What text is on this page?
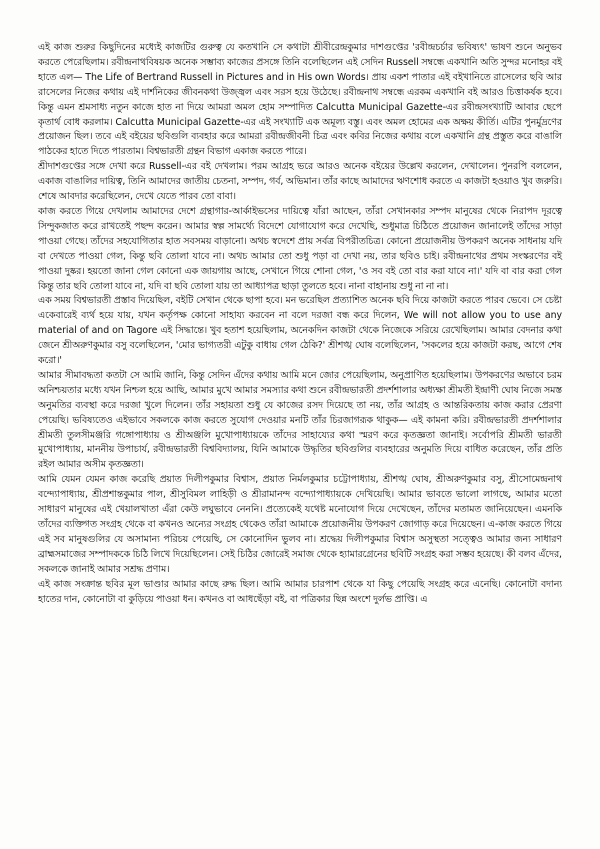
এই কাজ শুরুর কিছুদিনের মধ্যেই কাজটির গুরুত্ব যে কতখানি সে কথাটা শ্রীবীরেন্দ্রকুমার দাশগুপ্তের 'রবীন্দ্রচর্চার ভবিষ্যৎ' ভাষণ শুনে অনুভব করতে পেরেছিলাম। রবীন্দ্রনাথবিষয়ক অনেক সম্ভাব্য কাজের প্রসঙ্গে তিনি বলেছিলেন এই সেদিন Russell সম্বন্ধে একখানি অতি সুন্দর মনোহর বই হাতে এল— The Life of Bertrand Russell in Pictures and in His own Words। প্রায় একশ পাতার এই বইখানিতে রাসেলের ছবি আর রাসেলের নিজের কথায় এই দার্শনিকের জীবনকথা উজ্জ্বল এবং সরস হয়ে উঠেছে। রবীন্দ্রনাথ সম্বন্ধে এরকম একখানি বই আরও চিত্তাকর্ষক হবে। কিন্তু এমন শ্রমসাধ্য নতুন কাজে হাত না দিয়ে আমরা অমল হোম সম্পাদিত Calcutta Municipal Gazette-এর রবীন্দ্রসংখ্যাটি আবার ছেপে কৃতার্থ বোধ করলাম। Calcutta Municipal Gazette-এর এই সংখ্যাটি এক অমূল্য বস্তু। এবং অমল হোমের এক অক্ষয় কীর্তি। এটির পুনর্মুদ্রণের প্রয়োজন ছিল। তবে এই বইয়ের ছবিগুলি ব্যবহার করে আমরা রবীন্দ্রজীবনী চিত্র এবং কবির নিজের কথায় বলে একখানি গ্রন্থ প্রস্তুত করে বাঙালি পাঠকের হাতে দিতে পারতাম। বিশ্বভারতী গ্রন্থন বিভাগ একাজ করতে পারে।

শ্রীদাশগুপ্তের সঙ্গে দেখা করে Russell-এর বই দেখলাম। পরম আগ্রহ ভরে আরও অনেক বইয়ের উল্লেখ করলেন, দেখালেন। পুনরপি বললেন, একাজ বাঙালির দায়িত্ব, তিনি আমাদের জাতীয় চেতনা, সম্পদ, গর্ব, অভিমান। তাঁর কাছে আমাদের ঋণশোধ করতে এ কাজটা হওয়াও খুব জরুরি। শেষে আবদার করেছিলেন, দেখে যেতে পারব তো বাবা।

কাজ করতে গিয়ে দেখলাম আমাদের দেশে গ্রন্থাগার-আর্কাইভসের দায়িত্বে যাঁরা আছেন, তাঁরা সেখানকার সম্পদ মানুষের থেকে নিরাপদ দূরত্বে সিন্দুকজাত করে রাখতেই পছন্দ করেন। আমার স্বল্প সামর্থ্যে বিদেশে যোগাযোগ করে দেখেছি, শুধুমাত্র চিঠিতে প্রয়োজন জানালেই তাঁদের সাড়া পাওয়া গেছে। তাঁদের সহযোগিতার হাত সবসময় বাড়ানো। অথচ স্বদেশে প্রায় সর্বত্র বিপরীতচিত্র। কোনো প্রয়োজনীয় উপকরণ অনেক সাধনায় যদি বা দেখতে পাওয়া গেল, কিন্তু ছবি তোলা যাবে না। অথচ আমার তো শুধু পড়া বা দেখা নয়, তার ছবিও চাই। রবীন্দ্রনাথের প্রথম সংস্করণের বই পাওয়া দুষ্কর। হয়তো জানা গেল কোনো এক জায়গায় আছে, সেখানে গিয়ে শোনা গেল, 'ও সব বই তো বার করা যাবে না।' যদি বা বার করা গেল কিন্তু তার ছবি তোলা যাবে না, যদি বা ছবি তোলা যায় তা আধ্যাপত্র ছাড়া তুলতে হবে। নানা বাহানায় শুধু না না না।

এক সময় বিশ্বভারতী প্রস্তাব দিয়েছিল, বইটি সেখান থেকে ছাপা হবে। মন ভরেছিল প্রত্যাশিত অনেক ছবি দিয়ে কাজটা করতে পারব ভেবে। সে চেষ্টা একেবারেই ব্যর্থ হয়ে যায়, যখন কর্তৃপক্ষ কোনো সাহায্য করবেন না বলে দরজা বন্ধ করে দিলেন, We will not allow you to use any material of and on Tagore এই সিদ্ধান্তে। খুব হতাশ হয়েছিলাম, অনেকদিন কাজটা থেকে নিজেকে সরিয়ে রেখেছিলাম। আমার বেদনার কথা জেনে শ্রীঅরুণকুমার বসু বলেছিলেন, 'মোর ভাগ্যতরী এটুকু বাধায় গেল ঠেকি?' শ্রীশঙ্খ ঘোষ বলেছিলেন, 'সকলের হয়ে কাজটা করছ, আগে শেষ করো।'

আমার সীমাবদ্ধতা কতটা সে আমি জানি, কিন্তু সেদিন এঁদের কথায় আমি মনে জোর পেয়েছিলাম, অনুপ্রাণিত হয়েছিলাম। উপকরণের অভাবে চরম অনিশ্চয়তার মধ্যে যখন নিশ্চল হয়ে আছি, আমার মুখে আমার সমস্যার কথা শুনে রবীন্দ্রভারতী প্রদর্শশালার অধ্যক্ষা শ্রীমতী ইন্দ্রাণী ঘোষ নিজে সমস্ত অনুমতির ব্যবস্থা করে দরজা খুলে দিলেন। তাঁর সহায়তা শুধু যে কাজের রসদ দিয়েছে তা নয়, তাঁর আগ্রহ ও আন্তরিকতায় কাজ করার প্রেরণা পেয়েছি। ভবিষ্যতেও এইভাবে সকলকে কাজ করতে সুযোগ দেওয়ার মনটি তাঁর চিরজাগরূক থাকুক— এই কামনা করি। রবীন্দ্রভারতী প্রদর্শশালার শ্রীমতী তুলসীমঞ্জরি গঙ্গোপাধ্যায় ও শ্রীঅঞ্জলি মুখোপাধ্যায়কে তাঁদের সাহায্যের কথা স্মরণ করে কৃতজ্ঞতা জানাই। সর্বোপরি শ্রীমতী ভারতী মুখোপাধ্যায়, মাননীয় উপাচার্য, রবীন্দ্রভারতী বিশ্ববিদ্যালয়, যিনি আমাকে উদ্ধৃতির ছবিগুলির ব্যবহারের অনুমতি দিয়ে বাধিত করেছেন, তাঁর প্রতি রইল আমার অসীম কৃতজ্ঞতা।

আমি যেমন যেমন কাজ করেছি প্রয়াত দিলীপকুমার বিশ্বাস, প্রয়াত নির্মলকুমার চট্টোপাধ্যায়, শ্রীশঙ্খ ঘোষ, শ্রীঅরুণকুমার বসু, শ্রীসোমেন্দ্রনাথ বন্দ্যোপাধ্যায়, শ্রীপ্রশান্তকুমার পাল, শ্রীসুবিমল লাহিড়ী ও শ্রীরামানন্দ বন্দ্যোপাধ্যায়কে দেখিয়েছি। আমার ভাবতে ভালো লাগছে, আমার মতো সাধারণ মানুষের এই খেয়ালখাতা এঁরা কেউ লঘুভাবে নেননি। প্রত্যেকেই যথেষ্ট মনোযোগ দিয়ে দেখেছেন, তাঁদের মতামত জানিয়েছেন। এমনকি তাঁদের ব্যক্তিগত সংগ্রহ থেকে বা কখনও অন্যের সংগ্রহ থেকেও তাঁরা আমাকে প্রয়োজনীয় উপকরণ জোগাড় করে দিয়েছেন। এ-কাজ করতে গিয়ে এই সব মানুষগুলির যে অসামান্য পরিচয় পেয়েছি, সে কোনোদিন ভুলব না। শ্রদ্ধেয় দিলীপকুমার বিশ্বাস অসুস্থতা সত্ত্বেও আমার জন্য সাধারণ ব্রাহ্মসমাজের সম্পাদককে চিঠি লিখে দিয়েছিলেন। সেই চিঠির জোরেই সমাজ থেকে হ্যামারগ্রেনের ছবিটি সংগ্রহ করা সম্ভব হয়েছে। কী বলব এঁদের, সকলকে জানাই আমার সশ্রদ্ধ প্রণাম।

এই কাজ সংক্রান্ত ছবির মূল ভাণ্ডার আমার কাছে রুদ্ধ ছিল। আমি আমার চারপাশ থেকে যা কিছু পেয়েছি সংগ্রহ করে এনেছি। কোনোটা বদান্য হাতের দান, কোনোটা বা কুড়িয়ে পাওয়া ধন। কখনও বা আধছেঁড়া বই, বা পত্রিকার ছিন্ন অংশে দুর্লভ প্রাপ্তি। এ
